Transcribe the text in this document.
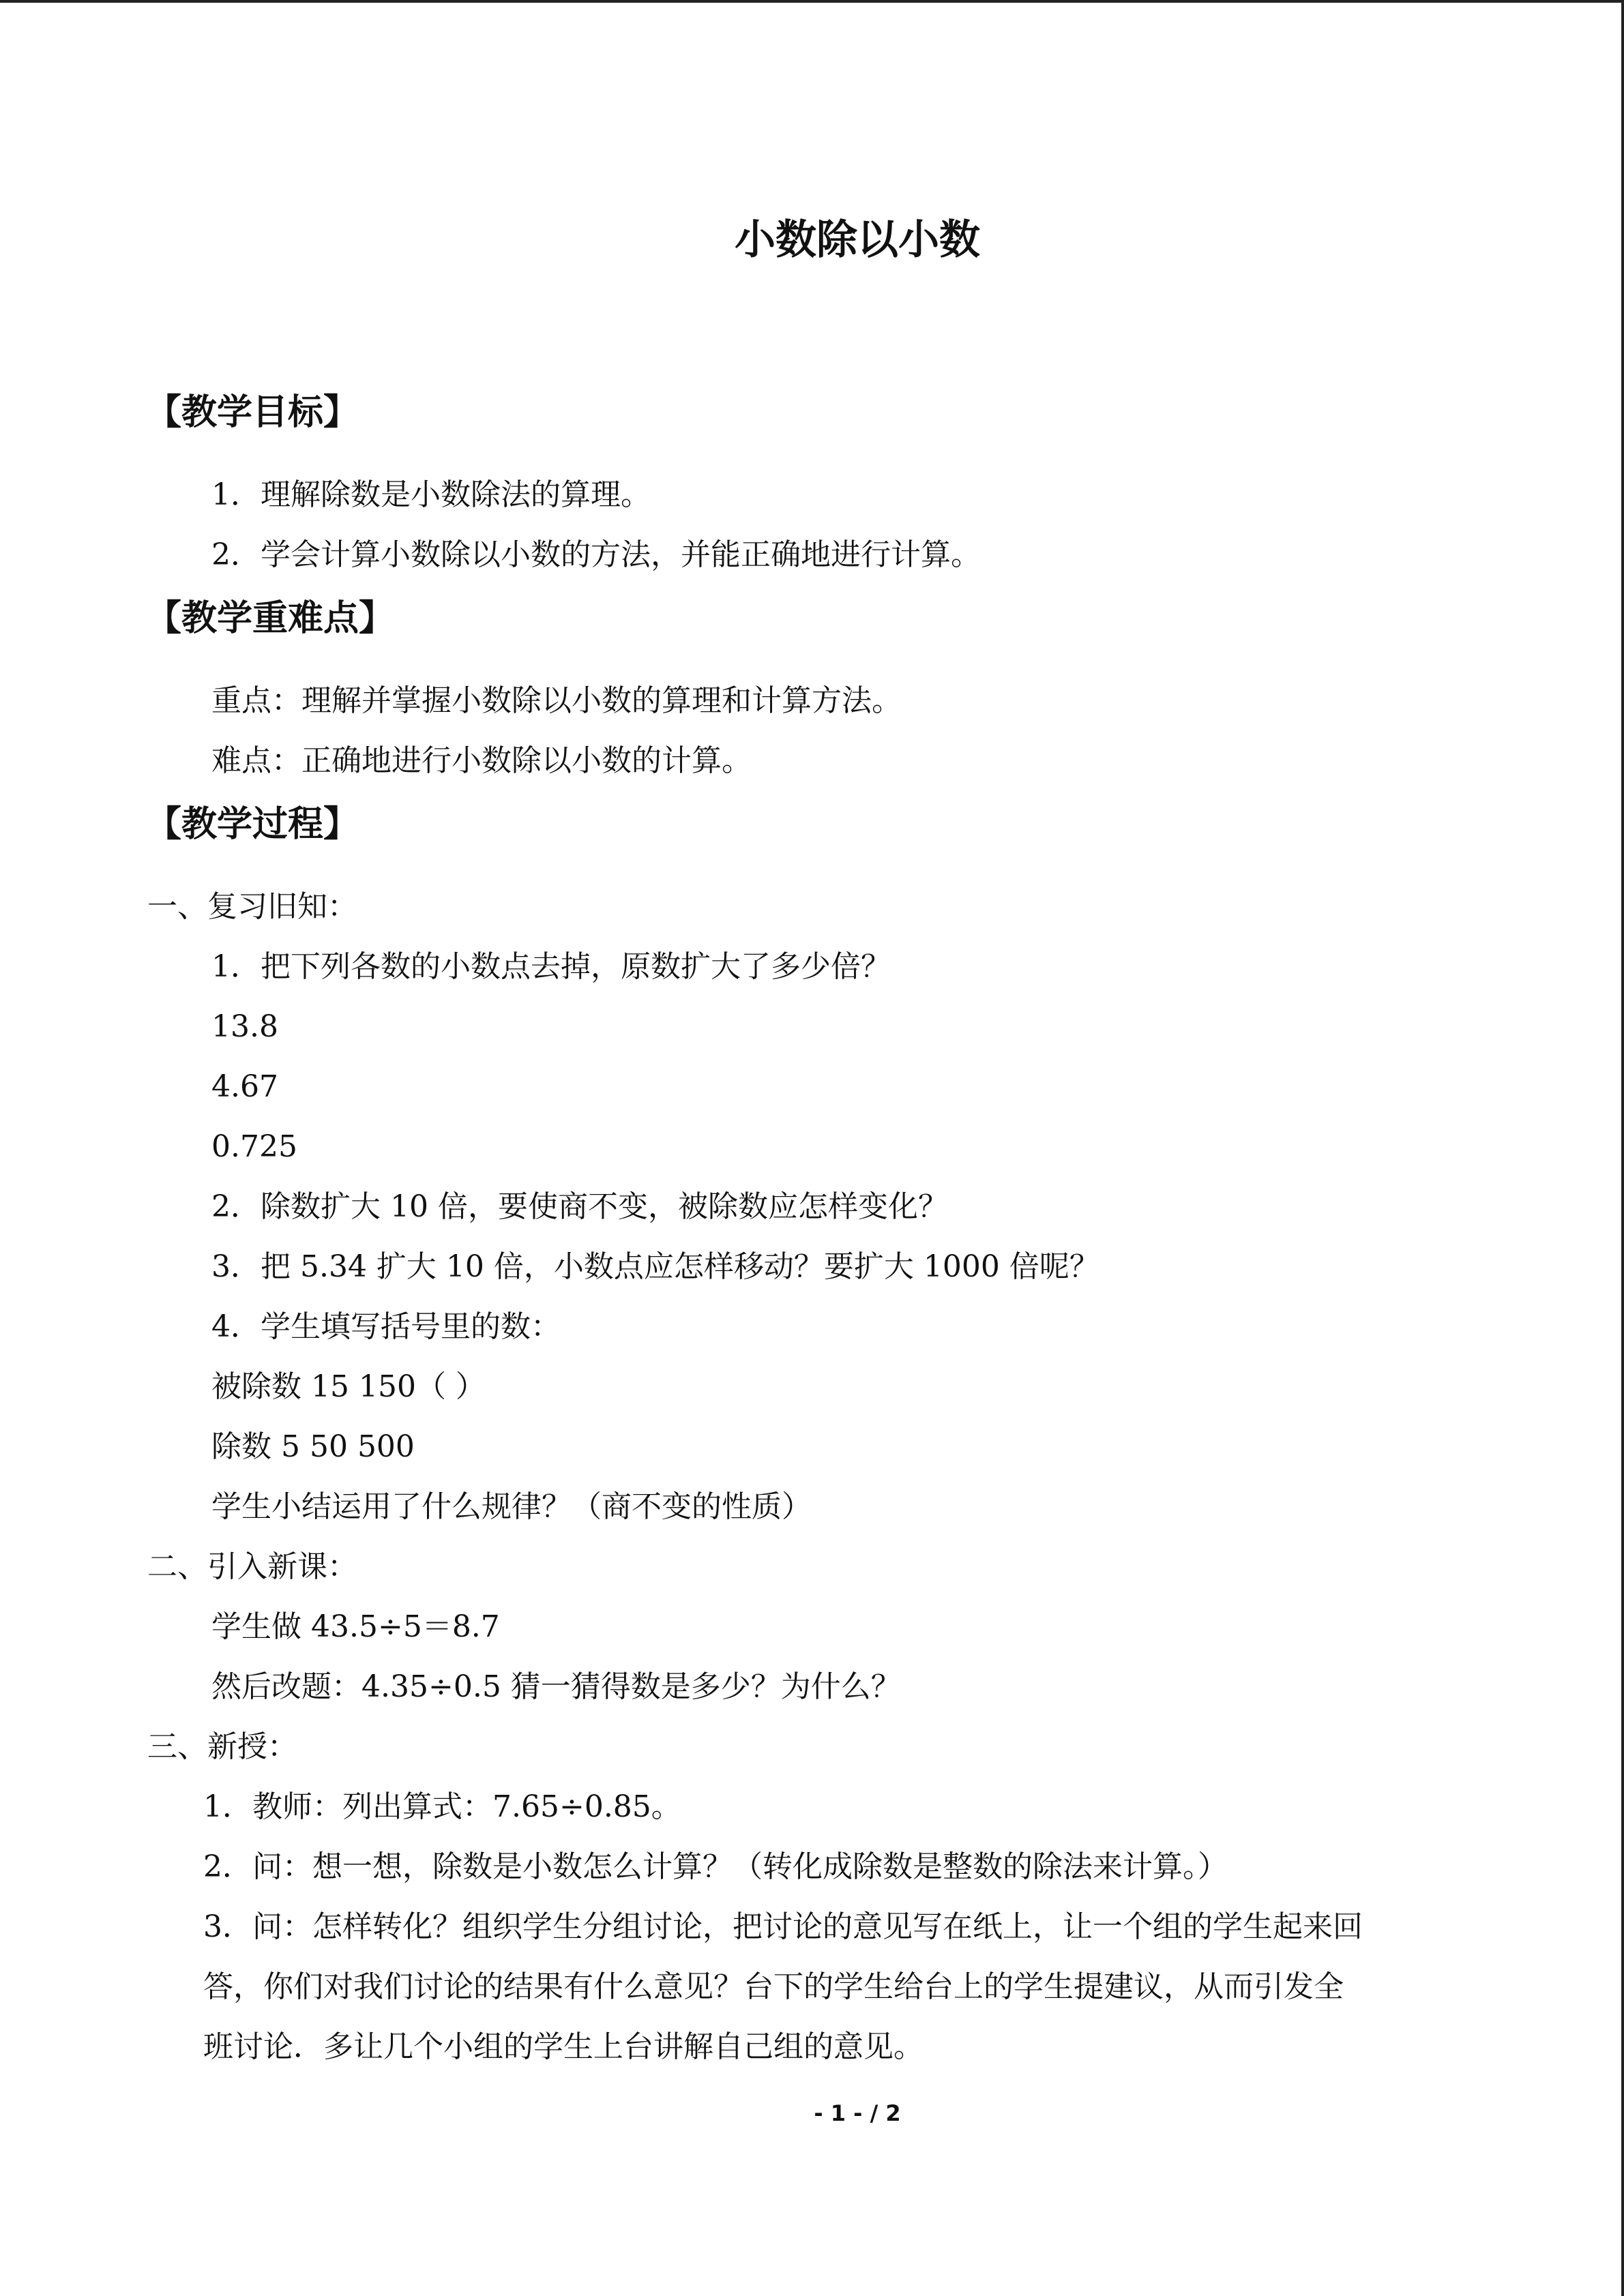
小数除以小数
【教学目标】
1．理解除数是小数除法的算理。
2．学会计算小数除以小数的方法，并能正确地进行计算。
【教学重难点】
重点：理解并掌握小数除以小数的算理和计算方法。
难点：正确地进行小数除以小数的计算。
【教学过程】
一、复习旧知：
1．把下列各数的小数点去掉，原数扩大了多少倍？
13.8
4.67
0.725
2．除数扩大 10 倍，要使商不变，被除数应怎样变化？
3．把 5.34 扩大 10 倍，小数点应怎样移动？要扩大 1000 倍呢？
4．学生填写括号里的数：
被除数 15 150（ ）
除数 5 50 500
学生小结运用了什么规律？（商不变的性质）
二、引入新课：
学生做 43.5÷5＝8.7
然后改题：4.35÷0.5 猜一猜得数是多少？为什么？
三、新授：
1．教师：列出算式：7.65÷0.85。
2．问：想一想，除数是小数怎么计算？（转化成除数是整数的除法来计算。）
3．问：怎样转化？组织学生分组讨论，把讨论的意见写在纸上，让一个组的学生起来回
答，你们对我们讨论的结果有什么意见？台下的学生给台上的学生提建议，从而引发全
班讨论．多让几个小组的学生上台讲解自己组的意见。
- 1 - / 2
